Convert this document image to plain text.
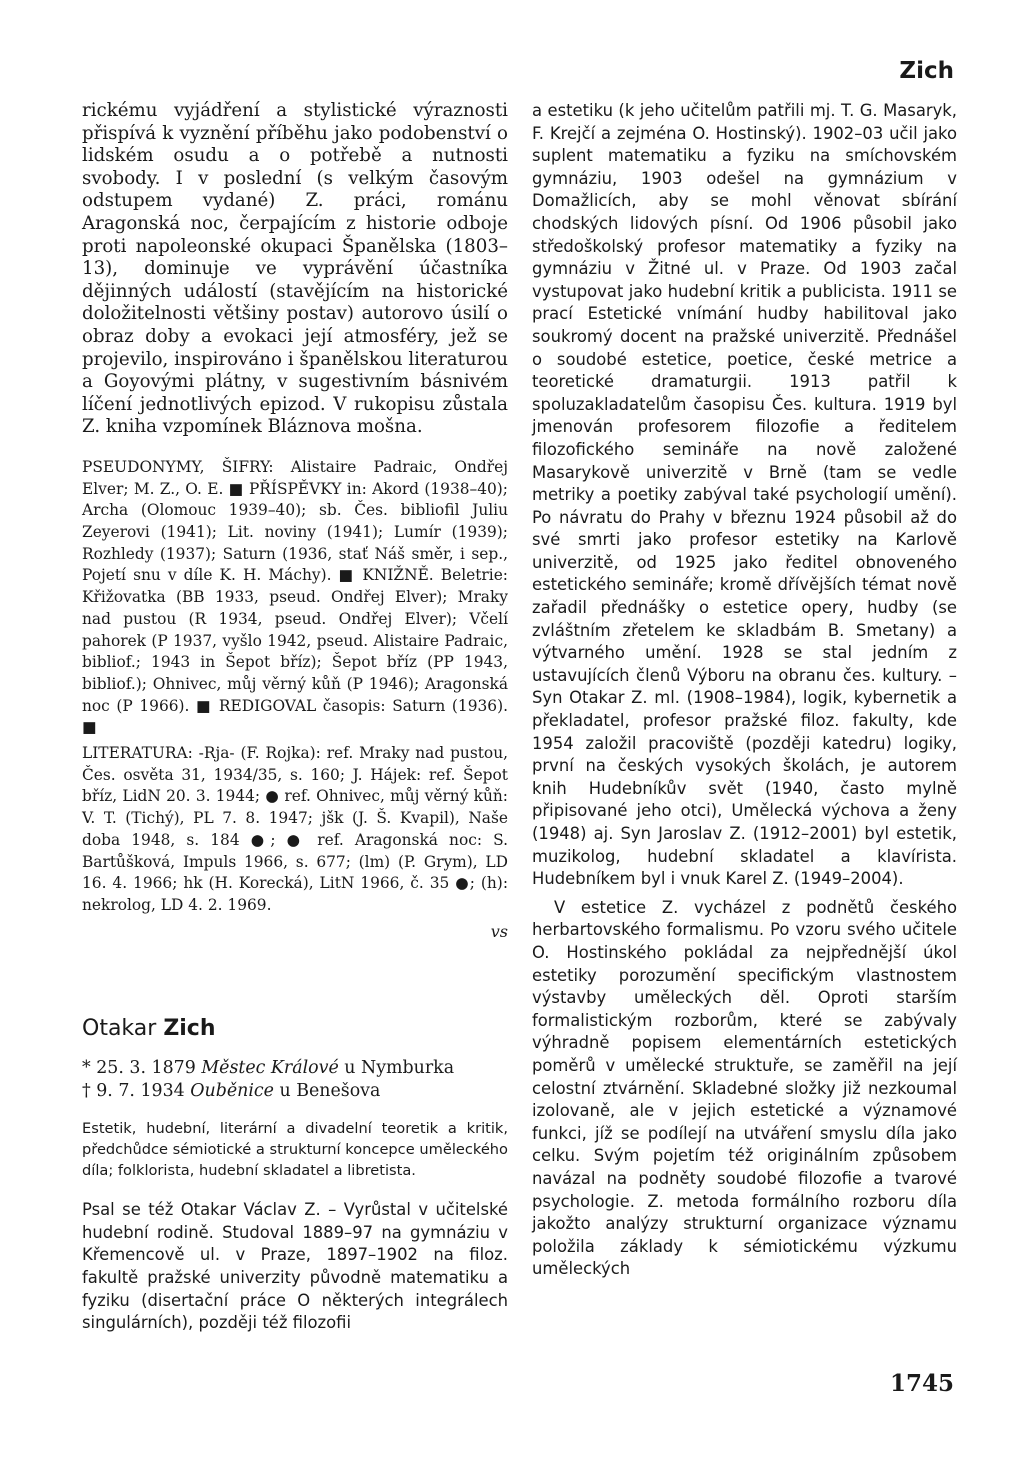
Zich

rickému vyjádření a stylistické výraznosti přispívá k vyznění příběhu jako podobenství o lidském osudu a o potřebě a nutnosti svobody. I v poslední (s velkým časovým odstupem vydané) Z. práci, románu Aragonská noc, čerpajícím z historie odboje proti napoleonské okupaci Španělska (1803–13), dominuje ve vyprávění účastníka dějinných událostí (stavějícím na historické doložitelnosti většiny postav) autorovo úsilí o obraz doby a evokaci její atmosféry, jež se projevilo, inspirováno i španělskou literaturou a Goyovými plátny, v sugestivním básnivém líčení jednotlivých epizod. V rukopisu zůstala Z. kniha vzpomínek Bláznova mošna.

PSEUDONYMY, ŠIFRY: Alistaire Padraic, Ondřej Elver; M. Z., O. E. ■ PŘÍSPĚVKY in: Akord (1938–40); Archa (Olomouc 1939–40); sb. Čes. bibliofil Juliu Zeyerovi (1941); Lit. noviny (1941); Lumír (1939); Rozhledy (1937); Saturn (1936, stať Náš směr, i sep., Pojetí snu v díle K. H. Máchy). ■ KNIŽNĚ. Beletrie: Křižovatka (BB 1933, pseud. Ondřej Elver); Mraky nad pustou (R 1934, pseud. Ondřej Elver); Včelí pahorek (P 1937, vyšlo 1942, pseud. Alistaire Padraic, bibliof.; 1943 in Šepot bříz); Šepot bříz (PP 1943, bibliof.); Ohnivec, můj věrný kůň (P 1946); Aragonská noc (P 1966). ■ REDIGOVAL časopis: Saturn (1936). ■

LITERATURA: -Rja- (F. Rojka): ref. Mraky nad pustou, Čes. osvěta 31, 1934/35, s. 160; J. Hájek: ref. Šepot bříz, LidN 20. 3. 1944; ● ref. Ohnivec, můj věrný kůň: V. T. (Tichý), PL 7. 8. 1947; jšk (J. Š. Kvapil), Naše doba 1948, s. 184 ●; ● ref. Aragonská noc: S. Bartůšková, Impuls 1966, s. 677; (lm) (P. Grym), LD 16. 4. 1966; hk (H. Korecká), LitN 1966, č. 35 ●; (h): nekrolog, LD 4. 2. 1969.

vs

Otakar Zich

* 25. 3. 1879 Městec Králové u Nymburka
† 9. 7. 1934 Ouběnice u Benešova

Estetik, hudební, literární a divadelní teoretik a kritik, předchůdce sémiotické a strukturní koncepce uměleckého díla; folklorista, hudební skladatel a libretista.

Psal se též Otakar Václav Z. – Vyrůstal v učitelské hudební rodině. Studoval 1889–97 na gymnáziu v Křemencově ul. v Praze, 1897–1902 na filoz. fakultě pražské univerzity původně matematiku a fyziku (disertační práce O některých integrálech singulárních), později též filozofii

a estetiku (k jeho učitelům patřili mj. T. G. Masaryk, F. Krejčí a zejména O. Hostinský). 1902–03 učil jako suplent matematiku a fyziku na smíchovském gymnáziu, 1903 odešel na gymnázium v Domažlicích, aby se mohl věnovat sbírání chodských lidových písní. Od 1906 působil jako středoškolský profesor matematiky a fyziky na gymnáziu v Žitné ul. v Praze. Od 1903 začal vystupovat jako hudební kritik a publicista. 1911 se prací Estetické vnímání hudby habilitoval jako soukromý docent na pražské univerzitě. Přednášel o soudobé estetice, poetice, české metrice a teoretické dramaturgii. 1913 patřil k spoluzakladatelům časopisu Čes. kultura. 1919 byl jmenován profesorem filozofie a ředitelem filozofického semináře na nově založené Masarykově univerzitě v Brně (tam se vedle metriky a poetiky zabýval také psychologií umění). Po návratu do Prahy v březnu 1924 působil až do své smrti jako profesor estetiky na Karlově univerzitě, od 1925 jako ředitel obnoveného estetického semináře; kromě dřívějších témat nově zařadil přednášky o estetice opery, hudby (se zvláštním zřetelem ke skladbám B. Smetany) a výtvarného umění. 1928 se stal jedním z ustavujících členů Výboru na obranu čes. kultury. – Syn Otakar Z. ml. (1908–1984), logik, kybernetik a překladatel, profesor pražské filoz. fakulty, kde 1954 založil pracoviště (později katedru) logiky, první na českých vysokých školách, je autorem knih Hudebníkův svět (1940, často mylně připisované jeho otci), Umělecká výchova a ženy (1948) aj. Syn Jaroslav Z. (1912–2001) byl estetik, muzikolog, hudební skladatel a klavírista. Hudebníkem byl i vnuk Karel Z. (1949–2004).

V estetice Z. vycházel z podnětů českého herbartovského formalismu. Po vzoru svého učitele O. Hostinského pokládal za nejpřednější úkol estetiky porozumění specifickým vlastnostem výstavby uměleckých děl. Oproti starším formalistickým rozborům, které se zabývaly výhradně popisem elementárních estetických poměrů v umělecké struktuře, se zaměřil na její celostní ztvárnění. Skladebné složky již nezkoumal izolovaně, ale v jejich estetické a významové funkci, jíž se podílejí na utváření smyslu díla jako celku. Svým pojetím též originálním způsobem navázal na podněty soudobé filozofie a tvarové psychologie. Z. metoda formálního rozboru díla jakožto analýzy strukturní organizace významu položila základy k sémiotickému výzkumu uměleckých

1745
